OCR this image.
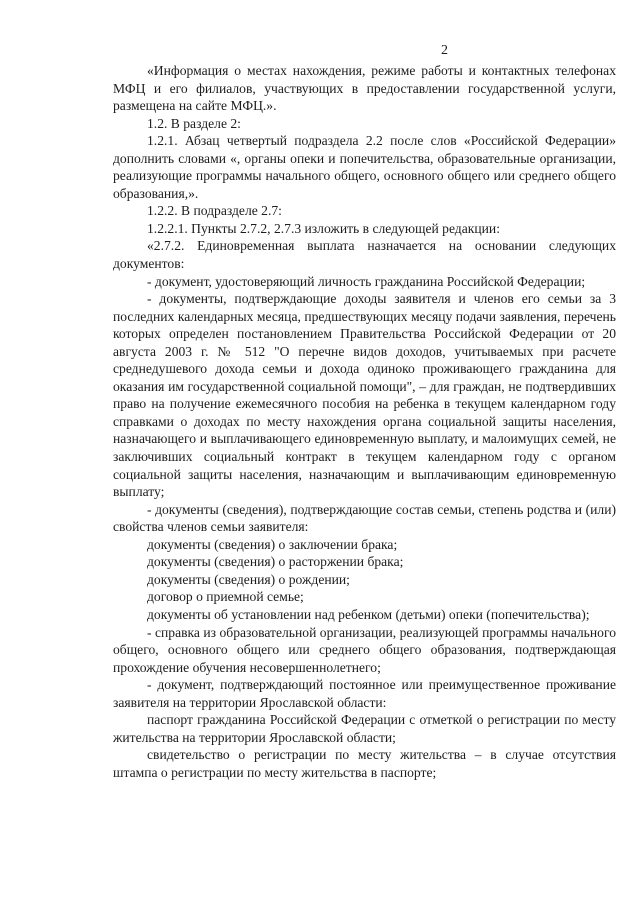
2

«Информация о местах нахождения, режиме работы и контактных телефонах МФЦ и его филиалов, участвующих в предоставлении государственной услуги, размещена на сайте МФЦ.».

1.2. В разделе 2:

1.2.1. Абзац четвертый подраздела 2.2 после слов «Российской Федерации» дополнить словами «, органы опеки и попечительства, образовательные организации, реализующие программы начального общего, основного общего или среднего общего образования,».

1.2.2. В подразделе 2.7:

1.2.2.1. Пункты 2.7.2, 2.7.3 изложить в следующей редакции:

«2.7.2. Единовременная выплата назначается на основании следующих документов:

- документ, удостоверяющий личность гражданина Российской Федерации;

- документы, подтверждающие доходы заявителя и членов его семьи за 3 последних календарных месяца, предшествующих месяцу подачи заявления, перечень которых определен постановлением Правительства Российской Федерации от 20 августа 2003 г. № 512 "О перечне видов доходов, учитываемых при расчете среднедушевого дохода семьи и дохода одиноко проживающего гражданина для оказания им государственной социальной помощи", – для граждан, не подтвердивших право на получение ежемесячного пособия на ребенка в текущем календарном году справками о доходах по месту нахождения органа социальной защиты населения, назначающего и выплачивающего единовременную выплату, и малоимущих семей, не заключивших социальный контракт в текущем календарном году с органом социальной защиты населения, назначающим и выплачивающим единовременную выплату;

- документы (сведения), подтверждающие состав семьи, степень родства и (или) свойства членов семьи заявителя:

документы (сведения) о заключении брака;

документы (сведения) о расторжении брака;

документы (сведения) о рождении;

договор о приемной семье;

документы об установлении над ребенком (детьми) опеки (попечительства);

- справка из образовательной организации, реализующей программы начального общего, основного общего или среднего общего образования, подтверждающая прохождение обучения несовершеннолетнего;

- документ, подтверждающий постоянное или преимущественное проживание заявителя на территории Ярославской области:

паспорт гражданина Российской Федерации с отметкой о регистрации по месту жительства на территории Ярославской области;

свидетельство о регистрации по месту жительства – в случае отсутствия штампа о регистрации по месту жительства в паспорте;
